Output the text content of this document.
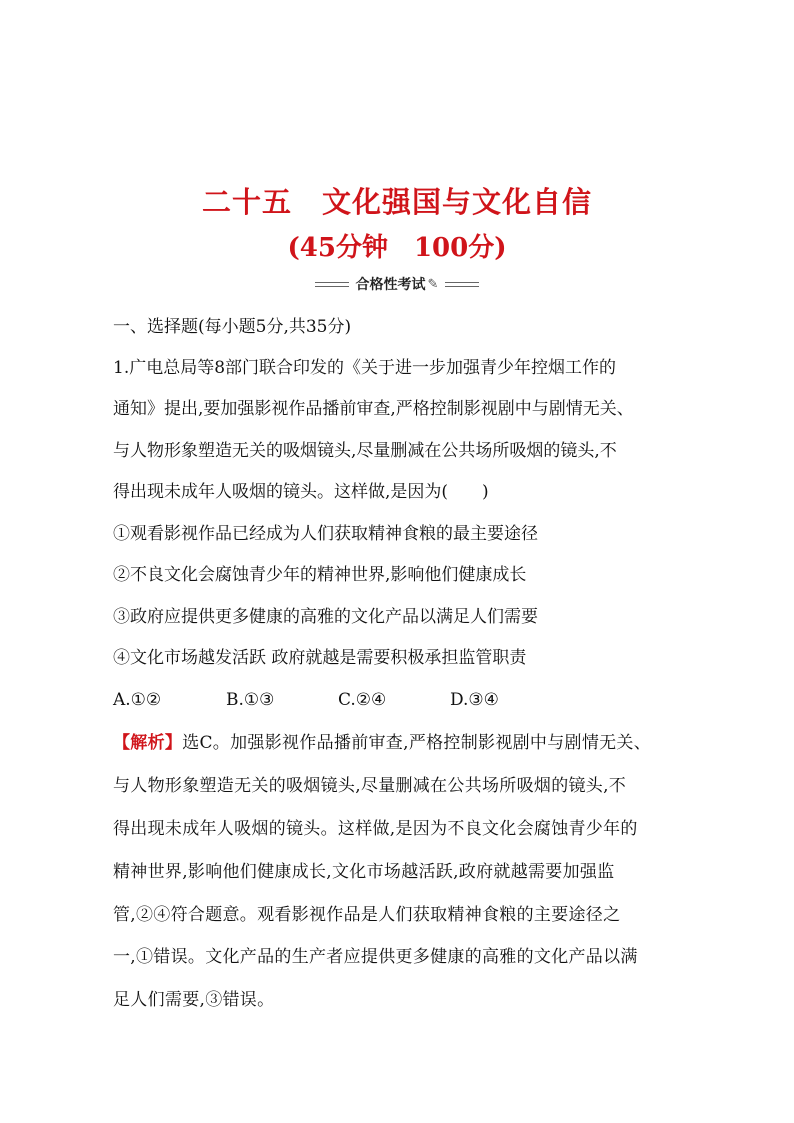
二十五　文化强国与文化自信
(45分钟　100分)
合格性考试 ✎
一、选择题(每小题5分,共35分)
1.广电总局等8部门联合印发的《关于进一步加强青少年控烟工作的
通知》提出,要加强影视作品播前审查,严格控制影视剧中与剧情无关、
与人物形象塑造无关的吸烟镜头,尽量删减在公共场所吸烟的镜头,不
得出现未成年人吸烟的镜头。这样做,是因为(　　)
①观看影视作品已经成为人们获取精神食粮的最主要途径
②不良文化会腐蚀青少年的精神世界,影响他们健康成长
③政府应提供更多健康的高雅的文化产品以满足人们需要
④文化市场越发活跃 政府就越是需要积极承担监管职责
A.①②	B.①③	C.②④	D.③④
【解析】选C。加强影视作品播前审查,严格控制影视剧中与剧情无关、
与人物形象塑造无关的吸烟镜头,尽量删减在公共场所吸烟的镜头,不
得出现未成年人吸烟的镜头。这样做,是因为不良文化会腐蚀青少年的
精神世界,影响他们健康成长,文化市场越活跃,政府就越需要加强监
管,②④符合题意。观看影视作品是人们获取精神食粮的主要途径之
一,①错误。文化产品的生产者应提供更多健康的高雅的文化产品以满
足人们需要,③错误。
